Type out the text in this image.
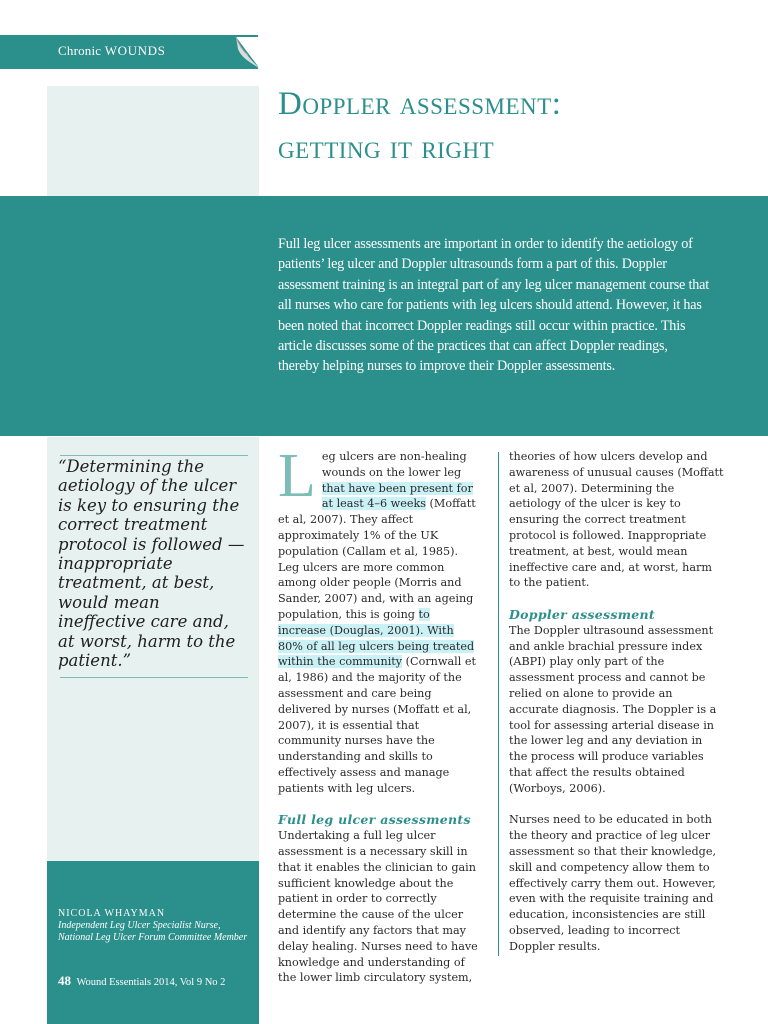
Chronic WOUNDS
Doppler assessment:
getting it right

Full leg ulcer assessments are important in order to identify the aetiology of patients’ leg ulcer and Doppler ultrasounds form a part of this. Doppler assessment training is an integral part of any leg ulcer management course that all nurses who care for patients with leg ulcers should attend. However, it has been noted that incorrect Doppler readings still occur within practice. This article discusses some of the practices that can affect Doppler readings, thereby helping nurses to improve their Doppler assessments.

“Determining the aetiology of the ulcer is key to ensuring the correct treatment protocol is followed — inappropriate treatment, at best, would mean ineffective care and, at worst, harm to the patient.”

NICOLA WHAYMAN
Independent Leg Ulcer Specialist Nurse, National Leg Ulcer Forum Committee Member
48 Wound Essentials 2014, Vol 9 No 2

Leg ulcers are non-healing wounds on the lower leg that have been present for at least 4–6 weeks (Moffatt et al, 2007). They affect approximately 1% of the UK population (Callam et al, 1985). Leg ulcers are more common among older people (Morris and Sander, 2007) and, with an ageing population, this is going to increase (Douglas, 2001). With 80% of all leg ulcers being treated within the community (Cornwall et al, 1986) and the majority of the assessment and care being delivered by nurses (Moffatt et al, 2007), it is essential that community nurses have the understanding and skills to effectively assess and manage patients with leg ulcers.

Full leg ulcer assessments

Undertaking a full leg ulcer assessment is a necessary skill in that it enables the clinician to gain sufficient knowledge about the patient in order to correctly determine the cause of the ulcer and identify any factors that may delay healing. Nurses need to have knowledge and understanding of the lower limb circulatory system,

theories of how ulcers develop and awareness of unusual causes (Moffatt et al, 2007). Determining the aetiology of the ulcer is key to ensuring the correct treatment protocol is followed. Inappropriate treatment, at best, would mean ineffective care and, at worst, harm to the patient.

Doppler assessment

The Doppler ultrasound assessment and ankle brachial pressure index (ABPI) play only part of the assessment process and cannot be relied on alone to provide an accurate diagnosis. The Doppler is a tool for assessing arterial disease in the lower leg and any deviation in the process will produce variables that affect the results obtained (Worboys, 2006).

Nurses need to be educated in both the theory and practice of leg ulcer assessment so that their knowledge, skill and competency allow them to effectively carry them out. However, even with the requisite training and education, inconsistencies are still observed, leading to incorrect Doppler results.
